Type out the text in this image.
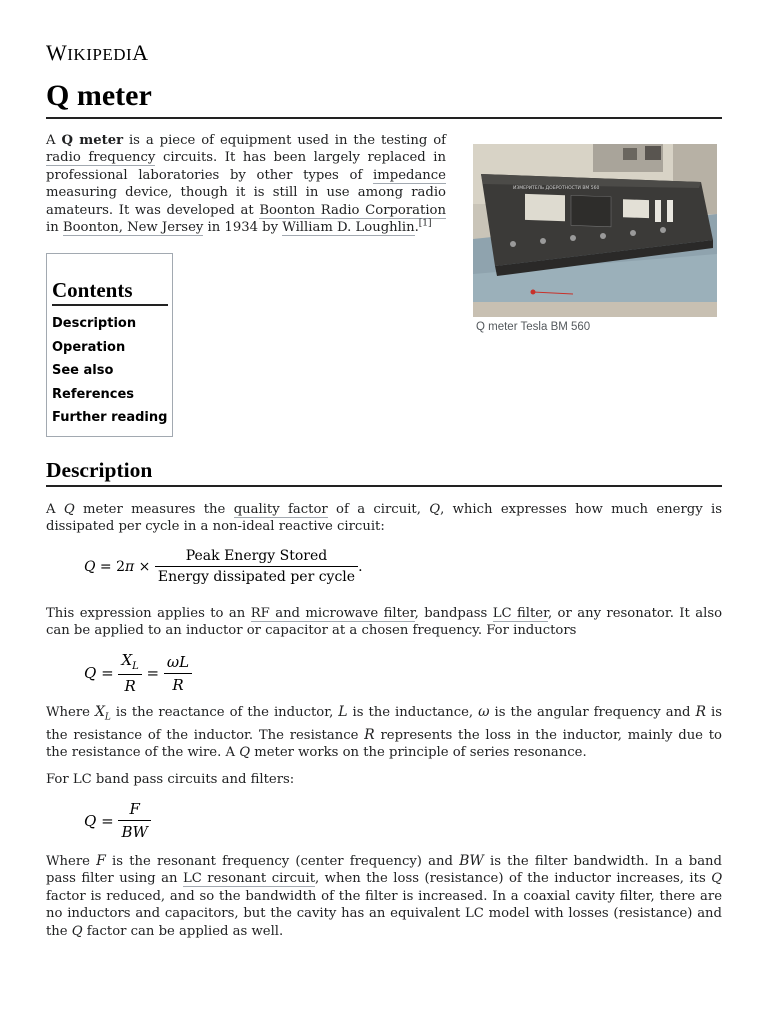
WIKIPEDIA
Q meter

A Q meter is a piece of equipment used in the testing of radio frequency circuits. It has been largely replaced in professional laboratories by other types of impedance measuring device, though it is still in use among radio amateurs. It was developed at Boonton Radio Corporation in Boonton, New Jersey in 1934 by William D. Loughlin.[1]

ИЗМЕРИТЕЛЬ ДОБРОТНОСТИ ВМ 560
Q meter Tesla BM 560
Contents
Description
Operation
See also
References
Further reading
Description

A Q meter measures the quality factor of a circuit, Q, which expresses how much energy is dissipated per cycle in a non-ideal reactive circuit:

$Q = 2\pi \times \frac{\text{Peak Energy Stored}}{\text{Energy dissipated per cycle}}$ .

This expression applies to an RF and microwave filter, bandpass LC filter, or any resonator. It also can be applied to an inductor or capacitor at a chosen frequency. For inductors

$Q = \frac{X_L}{R} = \frac{\omega L}{R}$

Where $X_L$ is the reactance of the inductor, L is the inductance, ω is the angular frequency and R is the resistance of the inductor. The resistance R represents the loss in the inductor, mainly due to the resistance of the wire. A Q meter works on the principle of series resonance.

For LC band pass circuits and filters:

$Q = \frac{F}{BW}$

Where F is the resonant frequency (center frequency) and BW is the filter bandwidth. In a band pass filter using an LC resonant circuit, when the loss (resistance) of the inductor increases, its Q factor is reduced, and so the bandwidth of the filter is increased. In a coaxial cavity filter, there are no inductors and capacitors, but the cavity has an equivalent LC model with losses (resistance) and the Q factor can be applied as well.
